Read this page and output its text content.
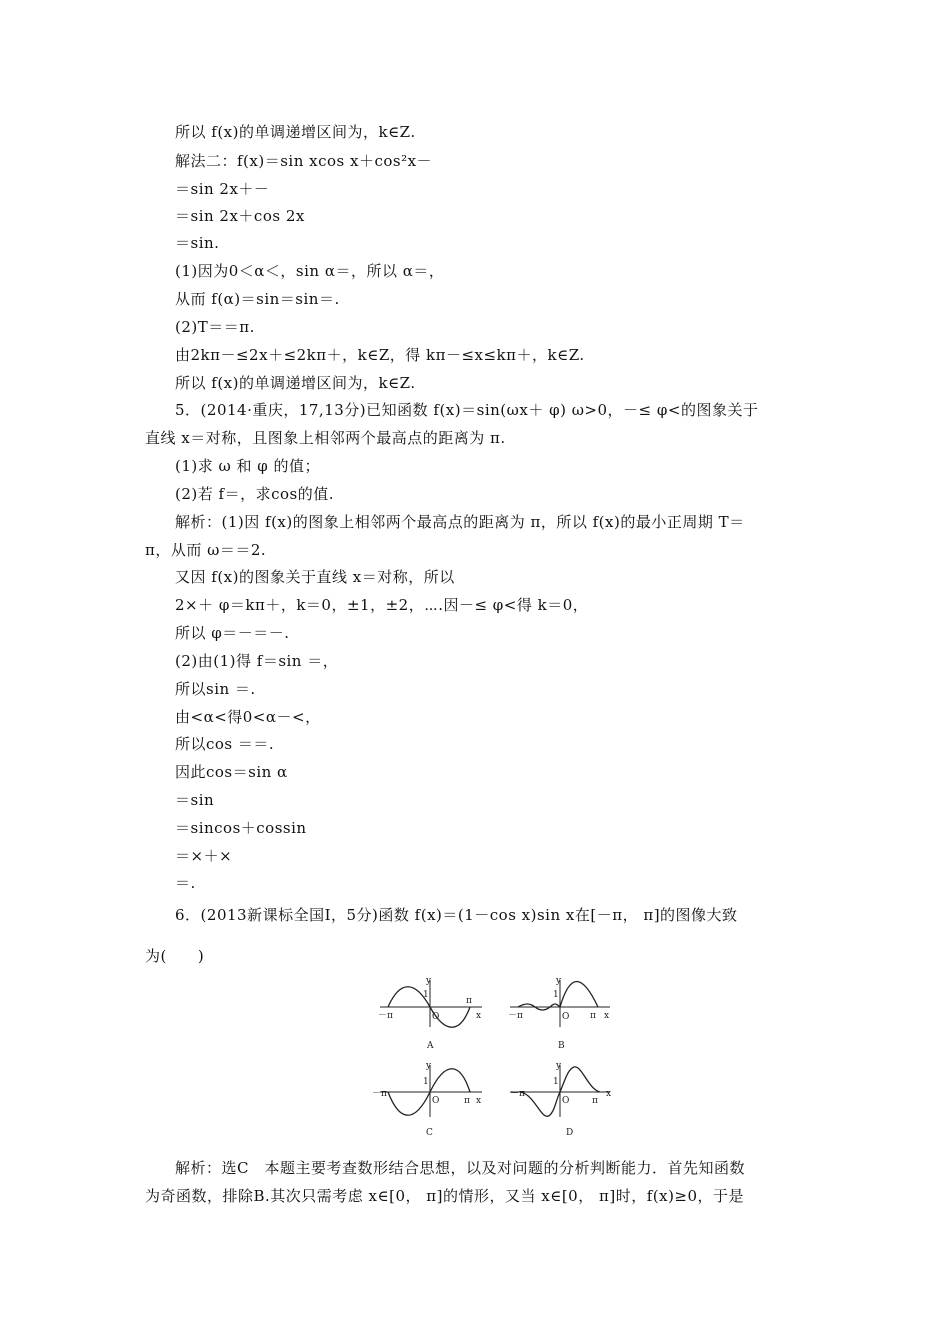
所以 f(x)的单调递增区间为，k∈Z.
解法二：f(x)＝sin xcos x＋cos²x－
＝sin 2x＋－
＝sin 2x＋cos 2x
＝sin.
(1)因为0＜α＜，sin α＝，所以 α＝，
从而 f(α)＝sin＝sin＝.
(2)T＝＝π.
由2kπ－≤2x＋≤2kπ＋，k∈Z，得 kπ－≤x≤kπ＋，k∈Z.
所以 f(x)的单调递增区间为，k∈Z.
5．(2014·重庆，17,13分)已知函数 f(x)＝sin(ωx＋ φ) ω>0，－≤ φ<的图象关于
直线 x＝对称，且图象上相邻两个最高点的距离为 π.
(1)求 ω 和 φ 的值；
(2)若 f＝，求cos的值.
解析：(1)因 f(x)的图象上相邻两个最高点的距离为 π，所以 f(x)的最小正周期 T＝
π，从而 ω＝＝2.
又因 f(x)的图象关于直线 x＝对称，所以
2×＋ φ＝kπ＋，k＝0，±1，±2，⋯.因－≤ φ<得 k＝0，
所以 φ＝－＝－.
(2)由(1)得 f＝sin ＝，
所以sin ＝.
由<α<得0<α－<，
所以cos ＝＝.
因此cos＝sin α
＝sin
＝sincos＋cossin
＝×＋×
＝.
6．(2013新课标全国Ⅰ，5分)函数 f(x)＝(1－cos x)sin x在[－π， π]的图像大致
为(　　)
y
x
O
1
π
－π
A
y
x
O
1
π
－π
B
y
x
O
1
π
－π
C
y
x
O
1
π
－π
D
解析：选C　本题主要考查数形结合思想，以及对问题的分析判断能力．首先知函数
为奇函数，排除B.其次只需考虑 x∈[0， π]的情形，又当 x∈[0， π]时，f(x)≥0，于是
